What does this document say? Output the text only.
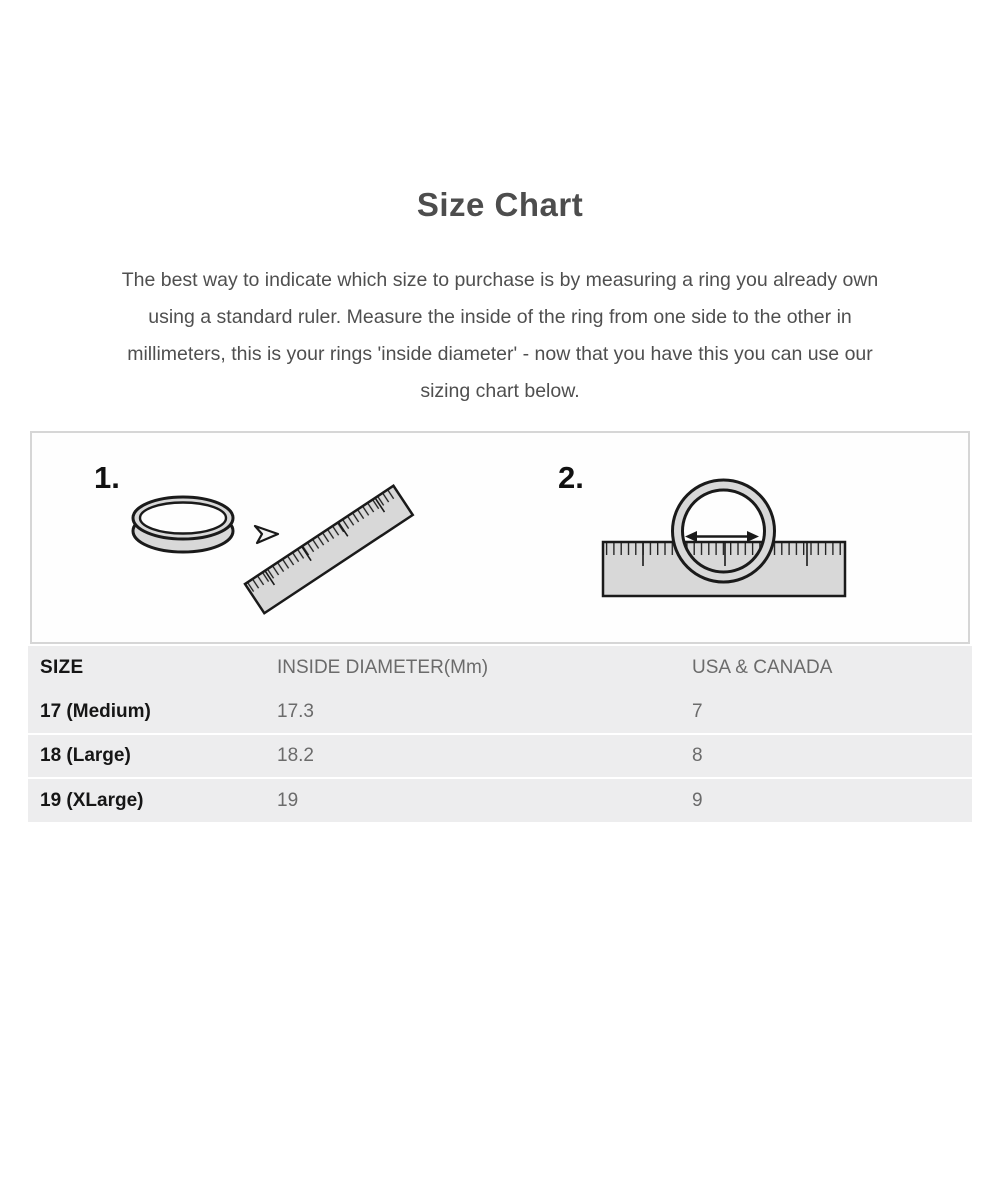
Size Chart
The best way to indicate which size to purchase is by measuring a ring you already own
using a standard ruler. Measure the inside of the ring from one side to the other in
millimeters, this is your rings 'inside diameter' - now that you have this you can use our
sizing chart below.
1.	2.
SIZE	INSIDE DIAMETER(Mm)	USA & CANADA
17 (Medium)	17.3	7
18 (Large)	18.2	8
19 (XLarge)	19	9
